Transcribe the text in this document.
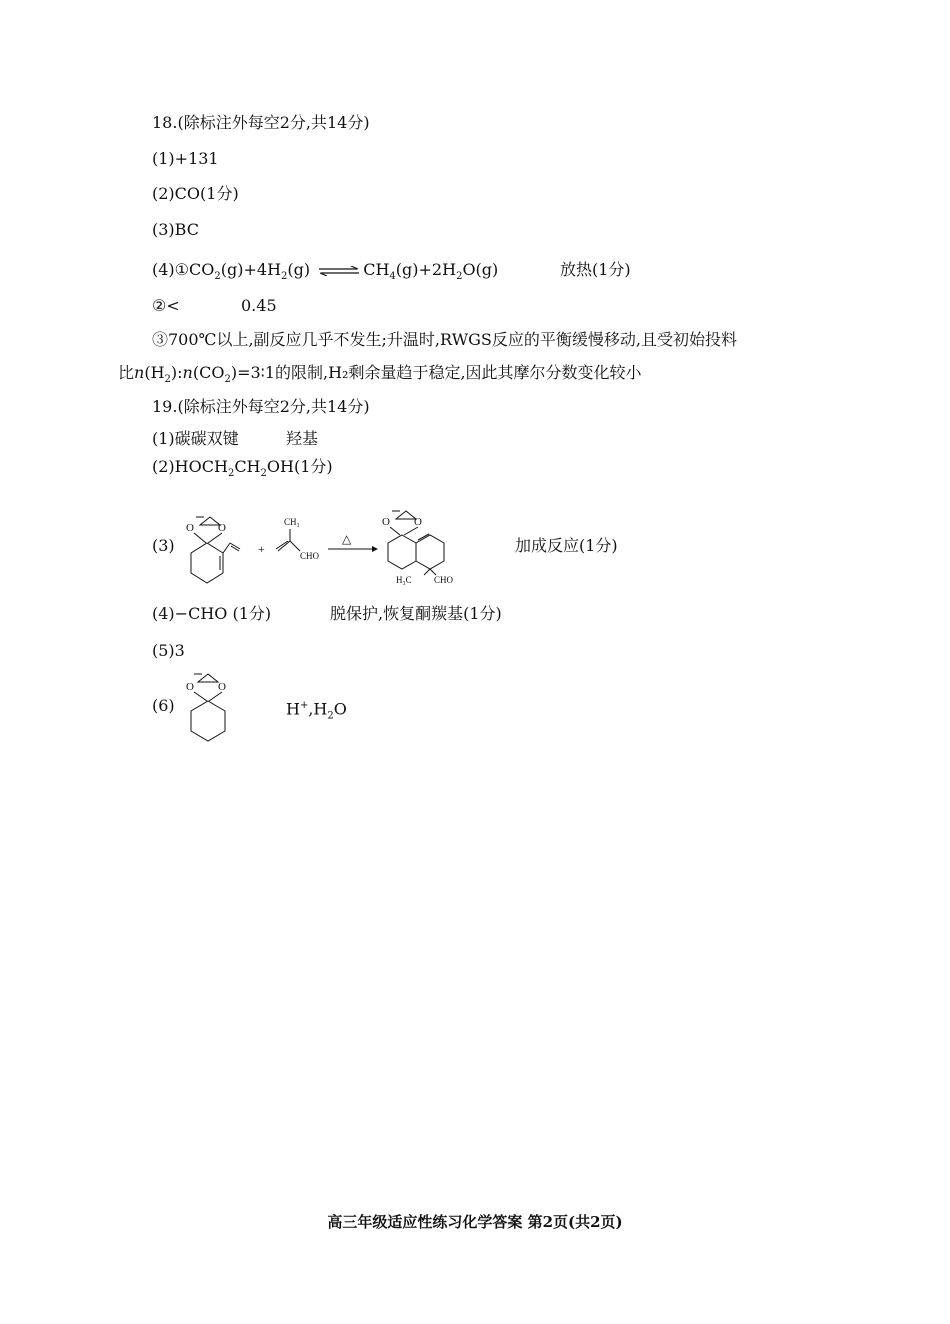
18.(除标注外每空2分,共14分)
(1)+131
(2)CO(1分)
(3)BC
$(4)①CO_2(g)+4H_2(g)$ ⇌ $CH_4(g)+2H_2O(g)$	放热(1分)
②<	0.45
③700℃以上,副反应几乎不发生;升温时,RWGS反应的平衡缓慢移动,且受初始投料
比$n(H_2):n(CO_2)=3∶1$的限制,H₂剩余量趋于稳定,因此其摩尔分数变化较小
19.(除标注外每空2分,共14分)
(1)碳碳双键	羟基
$(2)HOCH_2CH_2OH(1$分)
(3)
O O
+
CH₃
CHO
△
O O
H₃C CHO
加成反应(1分)
(4)−CHO (1分)	脱保护,恢复酮羰基(1分)
(5)3
(6)
O O
$H^+,H_2O$
高三年级适应性练习化学答案 第2页(共2页)
